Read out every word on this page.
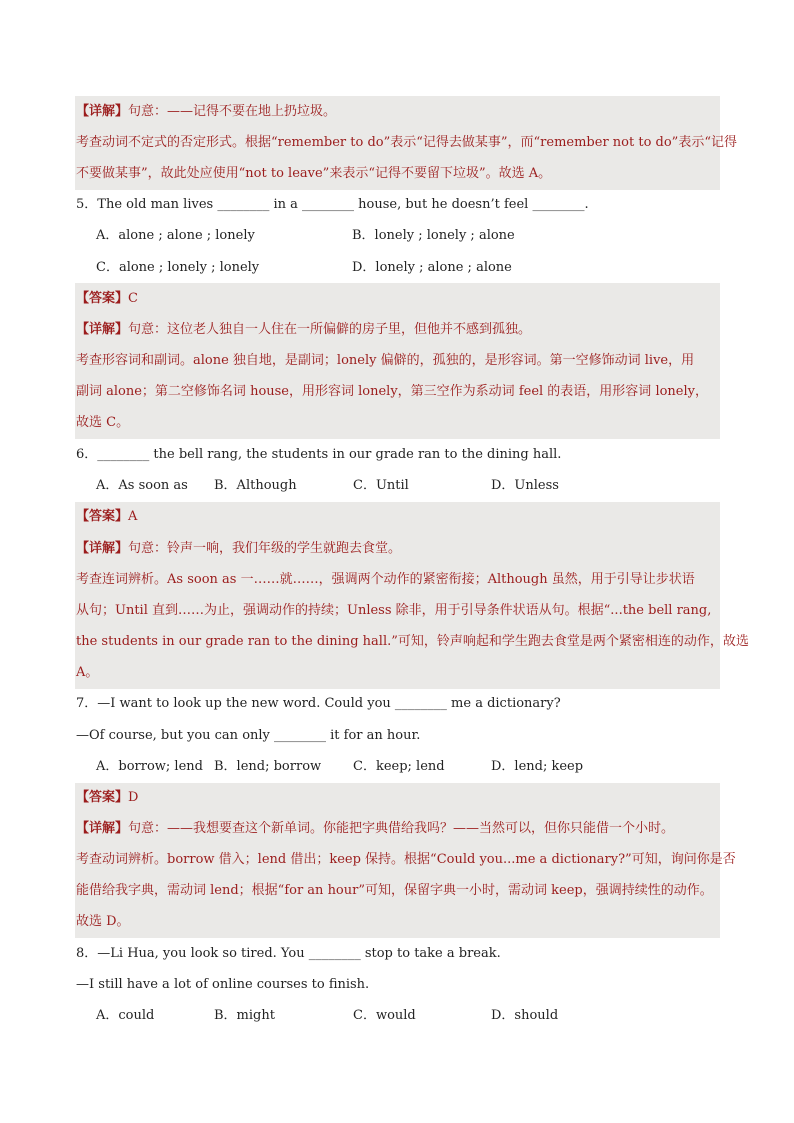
【详解】句意：——记得不要在地上扔垃圾。
考查动词不定式的否定形式。根据“remember to do”表示“记得去做某事”，而“remember not to do”表示“记得
不要做某事”，故此处应使用“not to leave”来表示“记得不要留下垃圾”。故选 A。
5．The old man lives ________ in a ________ house, but he doesn’t feel ________.
A．alone ; alone ; lonely	B．lonely ; lonely ; alone
C．alone ; lonely ; lonely	D．lonely ; alone ; alone
【答案】C
【详解】句意：这位老人独自一人住在一所偏僻的房子里，但他并不感到孤独。
考查形容词和副词。alone 独自地，是副词；lonely 偏僻的，孤独的，是形容词。第一空修饰动词 live，用
副词 alone；第二空修饰名词 house，用形容词 lonely，第三空作为系动词 feel 的表语，用形容词 lonely，
故选 C。
6．________ the bell rang, the students in our grade ran to the dining hall.
A．As soon as B．Although	C．Until	D．Unless
【答案】A
【详解】句意：铃声一响，我们年级的学生就跑去食堂。
考查连词辨析。As soon as 一……就……，强调两个动作的紧密衔接；Although 虽然，用于引导让步状语
从句；Until 直到……为止，强调动作的持续；Unless 除非，用于引导条件状语从句。根据“...the bell rang,
the students in our grade ran to the dining hall.”可知，铃声响起和学生跑去食堂是两个紧密相连的动作，故选
A。
7．—I want to look up the new word. Could you ________ me a dictionary?
—Of course, but you can only ________ it for an hour.
A．borrow; lend B．lend; borrow C．keep; lend	D．lend; keep
【答案】D
【详解】句意：——我想要查这个新单词。你能把字典借给我吗？——当然可以，但你只能借一个小时。
考查动词辨析。borrow 借入；lend 借出；keep 保持。根据“Could you...me a dictionary?”可知，询问你是否
能借给我字典，需动词 lend；根据“for an hour”可知，保留字典一小时，需动词 keep，强调持续性的动作。
故选 D。
8．—Li Hua, you look so tired. You ________ stop to take a break.
—I still have a lot of online courses to finish.
A．could	B．might	C．would	D．should
